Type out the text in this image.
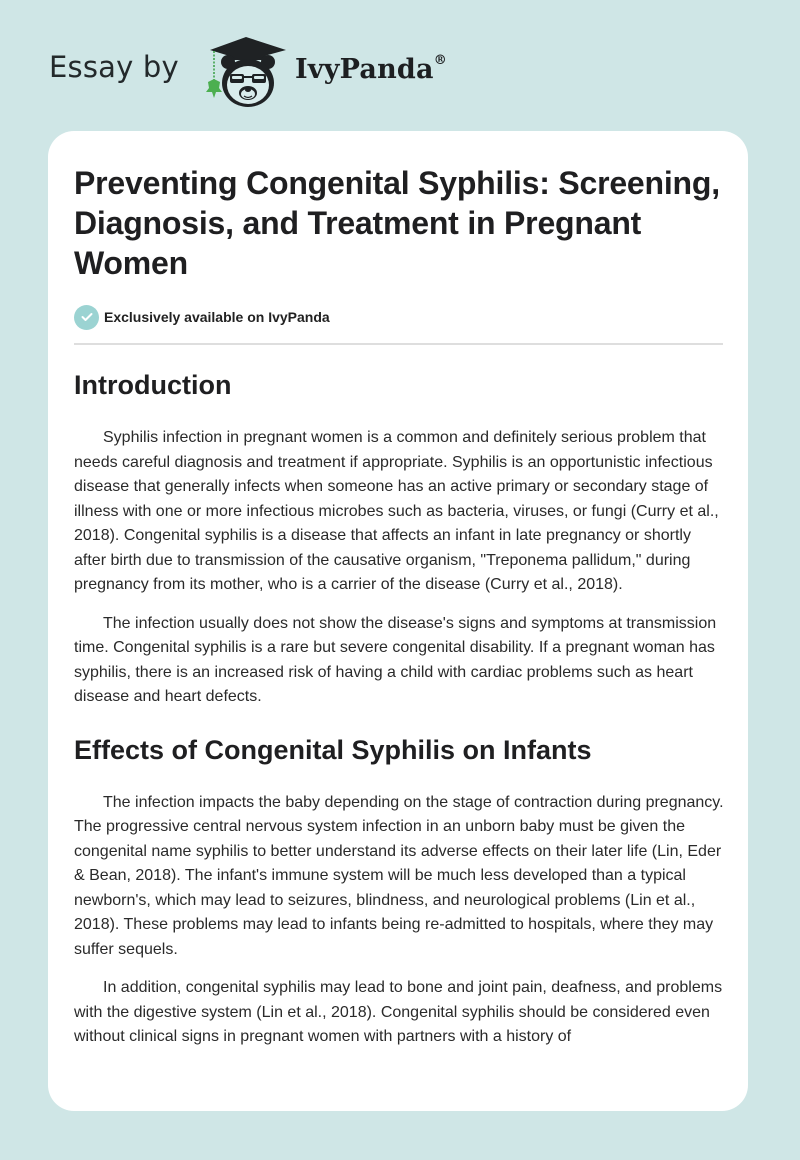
Essay by	IvyPanda®
Preventing Congenital Syphilis: Screening, Diagnosis, and Treatment in Pregnant Women
Exclusively available on IvyPanda
Introduction

Syphilis infection in pregnant women is a common and definitely serious problem that needs careful diagnosis and treatment if appropriate. Syphilis is an opportunistic infectious disease that generally infects when someone has an active primary or secondary stage of illness with one or more infectious microbes such as bacteria, viruses, or fungi (Curry et al., 2018). Congenital syphilis is a disease that affects an infant in late pregnancy or shortly after birth due to transmission of the causative organism, "Treponema pallidum," during pregnancy from its mother, who is a carrier of the disease (Curry et al., 2018).

The infection usually does not show the disease's signs and symptoms at transmission time. Congenital syphilis is a rare but severe congenital disability. If a pregnant woman has syphilis, there is an increased risk of having a child with cardiac problems such as heart disease and heart defects.

Effects of Congenital Syphilis on Infants

The infection impacts the baby depending on the stage of contraction during pregnancy. The progressive central nervous system infection in an unborn baby must be given the congenital name syphilis to better understand its adverse effects on their later life (Lin, Eder & Bean, 2018). The infant's immune system will be much less developed than a typical newborn's, which may lead to seizures, blindness, and neurological problems (Lin et al., 2018). These problems may lead to infants being re-admitted to hospitals, where they may suffer sequels.

In addition, congenital syphilis may lead to bone and joint pain, deafness, and problems with the digestive system (Lin et al., 2018). Congenital syphilis should be considered even without clinical signs in pregnant women with partners with a history of
